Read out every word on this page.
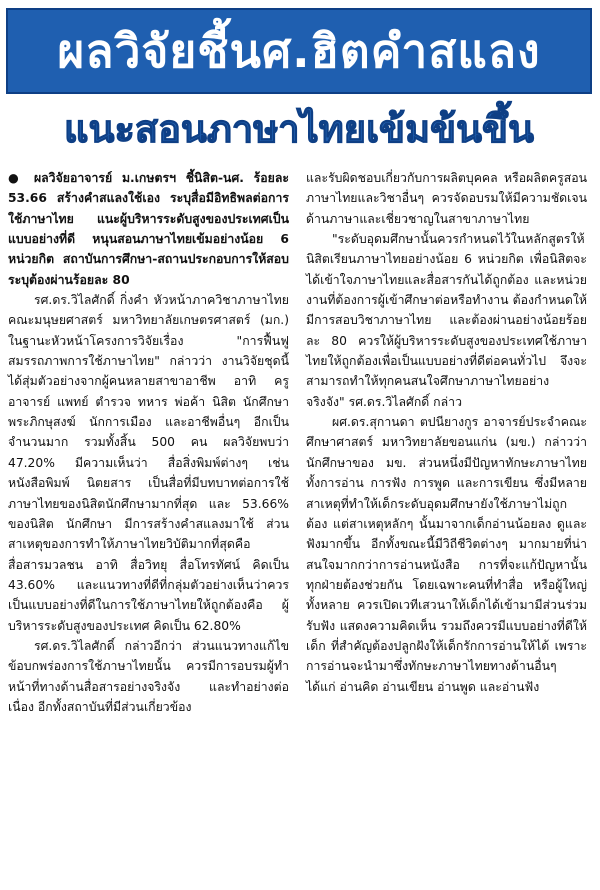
ผลวิจัยชี้นศ.ฮิตคำสแลง
แนะสอนภาษาไทยเข้มข้นขึ้น

● ผลวิจัยอาจารย์ ม.เกษตรฯ ชี้นิสิต-นศ. ร้อยละ 53.66 สร้างคำสแลงใช้เอง ระบุสื่อมีอิทธิพลต่อการใช้ภาษาไทย แนะผู้บริหารระดับสูงของประเทศเป็นแบบอย่างที่ดี หนุนสอนภาษาไทยเข้มอย่างน้อย 6 หน่วยกิต สถาบันการศึกษา-สถานประกอบการให้สอบระบุต้องผ่านร้อยละ 80

รศ.ดร.วิไลศักดิ์ กิ่งคำ หัวหน้าภาควิชาภาษาไทย คณะมนุษยศาสตร์ มหาวิทยาลัยเกษตรศาสตร์ (มก.) ในฐานะหัวหน้าโครงการวิจัยเรื่อง "การฟื้นฟูสมรรถภาพการใช้ภาษาไทย" กล่าวว่า งานวิจัยชุดนี้ได้สุ่มตัวอย่างจากผู้คนหลายสาขาอาชีพ อาทิ ครูอาจารย์ แพทย์ ตำรวจ ทหาร พ่อค้า นิสิต นักศึกษา พระภิกษุสงฆ์ นักการเมือง และอาชีพอื่นๆ อีกเป็นจำนวนมาก รวมทั้งสิ้น 500 คน ผลวิจัยพบว่า 47.20% มีความเห็นว่า สื่อสิ่งพิมพ์ต่างๆ เช่น หนังสือพิมพ์ นิตยสาร เป็นสื่อที่มีบทบาทต่อการใช้ภาษาไทยของนิสิตนักศึกษามากที่สุด และ 53.66% ของนิสิต นักศึกษา มีการสร้างคำสแลงมาใช้ ส่วนสาเหตุของการทำให้ภาษาไทยวิบัติมากที่สุดคือ สื่อสารมวลชน อาทิ สื่อวิทยุ สื่อโทรทัศน์ คิดเป็น 43.60% และแนวทางที่ดีที่กลุ่มตัวอย่างเห็นว่าควรเป็นแบบอย่างที่ดีในการใช้ภาษาไทยให้ถูกต้องคือ ผู้บริหารระดับสูงของประเทศ คิดเป็น 62.80%

รศ.ดร.วิไลศักดิ์ กล่าวอีกว่า ส่วนแนวทางแก้ไขข้อบกพร่องการใช้ภาษาไทยนั้น ควรมีการอบรมผู้ทำหน้าที่ทางด้านสื่อสารอย่างจริงจัง และทำอย่างต่อเนื่อง อีกทั้งสถาบันที่มีส่วนเกี่ยวข้อง

และรับผิดชอบเกี่ยวกับการผลิตบุคคล หรือผลิตครูสอนภาษาไทยและวิชาอื่นๆ ควรจัดอบรมให้มีความชัดเจนด้านภาษาและเชี่ยวชาญในสาขาภาษาไทย

"ระดับอุดมศึกษานั้นควรกำหนดไว้ในหลักสูตรให้นิสิตเรียนภาษาไทยอย่างน้อย 6 หน่วยกิต เพื่อนิสิตจะได้เข้าใจภาษาไทยและสื่อสารกันได้ถูกต้อง และหน่วยงานที่ต้องการผู้เข้าศึกษาต่อหรือทำงาน ต้องกำหนดให้มีการสอบวิชาภาษาไทย และต้องผ่านอย่างน้อยร้อยละ 80 ควรให้ผู้บริหารระดับสูงของประเทศใช้ภาษาไทยให้ถูกต้องเพื่อเป็นแบบอย่างที่ดีต่อคนทั่วไป จึงจะสามารถทำให้ทุกคนสนใจศึกษาภาษาไทยอย่างจริงจัง" รศ.ดร.วิไลศักดิ์ กล่าว

ผศ.ดร.สุกานดา ตปนียางกูร อาจารย์ประจำคณะศึกษาศาสตร์ มหาวิทยาลัยขอนแก่น (มข.) กล่าวว่า นักศึกษาของ มข. ส่วนหนึ่งมีปัญหาทักษะภาษาไทย ทั้งการอ่าน การฟัง การพูด และการเขียน ซึ่งมีหลายสาเหตุที่ทำให้เด็กระดับอุดมศึกษายังใช้ภาษาไม่ถูกต้อง แต่สาเหตุหลักๆ นั้นมาจากเด็กอ่านน้อยลง ดูและฟังมากขึ้น อีกทั้งขณะนี้มีวิถีชีวิตต่างๆ มากมายที่น่าสนใจมากกว่าการอ่านหนังสือ การที่จะแก้ปัญหานั้นทุกฝ่ายต้องช่วยกัน โดยเฉพาะคนที่ทำสื่อ หรือผู้ใหญ่ทั้งหลาย ควรเปิดเวทีเสวนาให้เด็กได้เข้ามามีส่วนร่วมรับฟัง แสดงความคิดเห็น รวมถึงควรมีแบบอย่างที่ดีให้เด็ก ที่สำคัญต้องปลูกฝังให้เด็กรักการอ่านให้ได้ เพราะการอ่านจะนำมาซึ่งทักษะภาษาไทยทางด้านอื่นๆ ได้แก่ อ่านคิด อ่านเขียน อ่านพูด และอ่านฟัง
